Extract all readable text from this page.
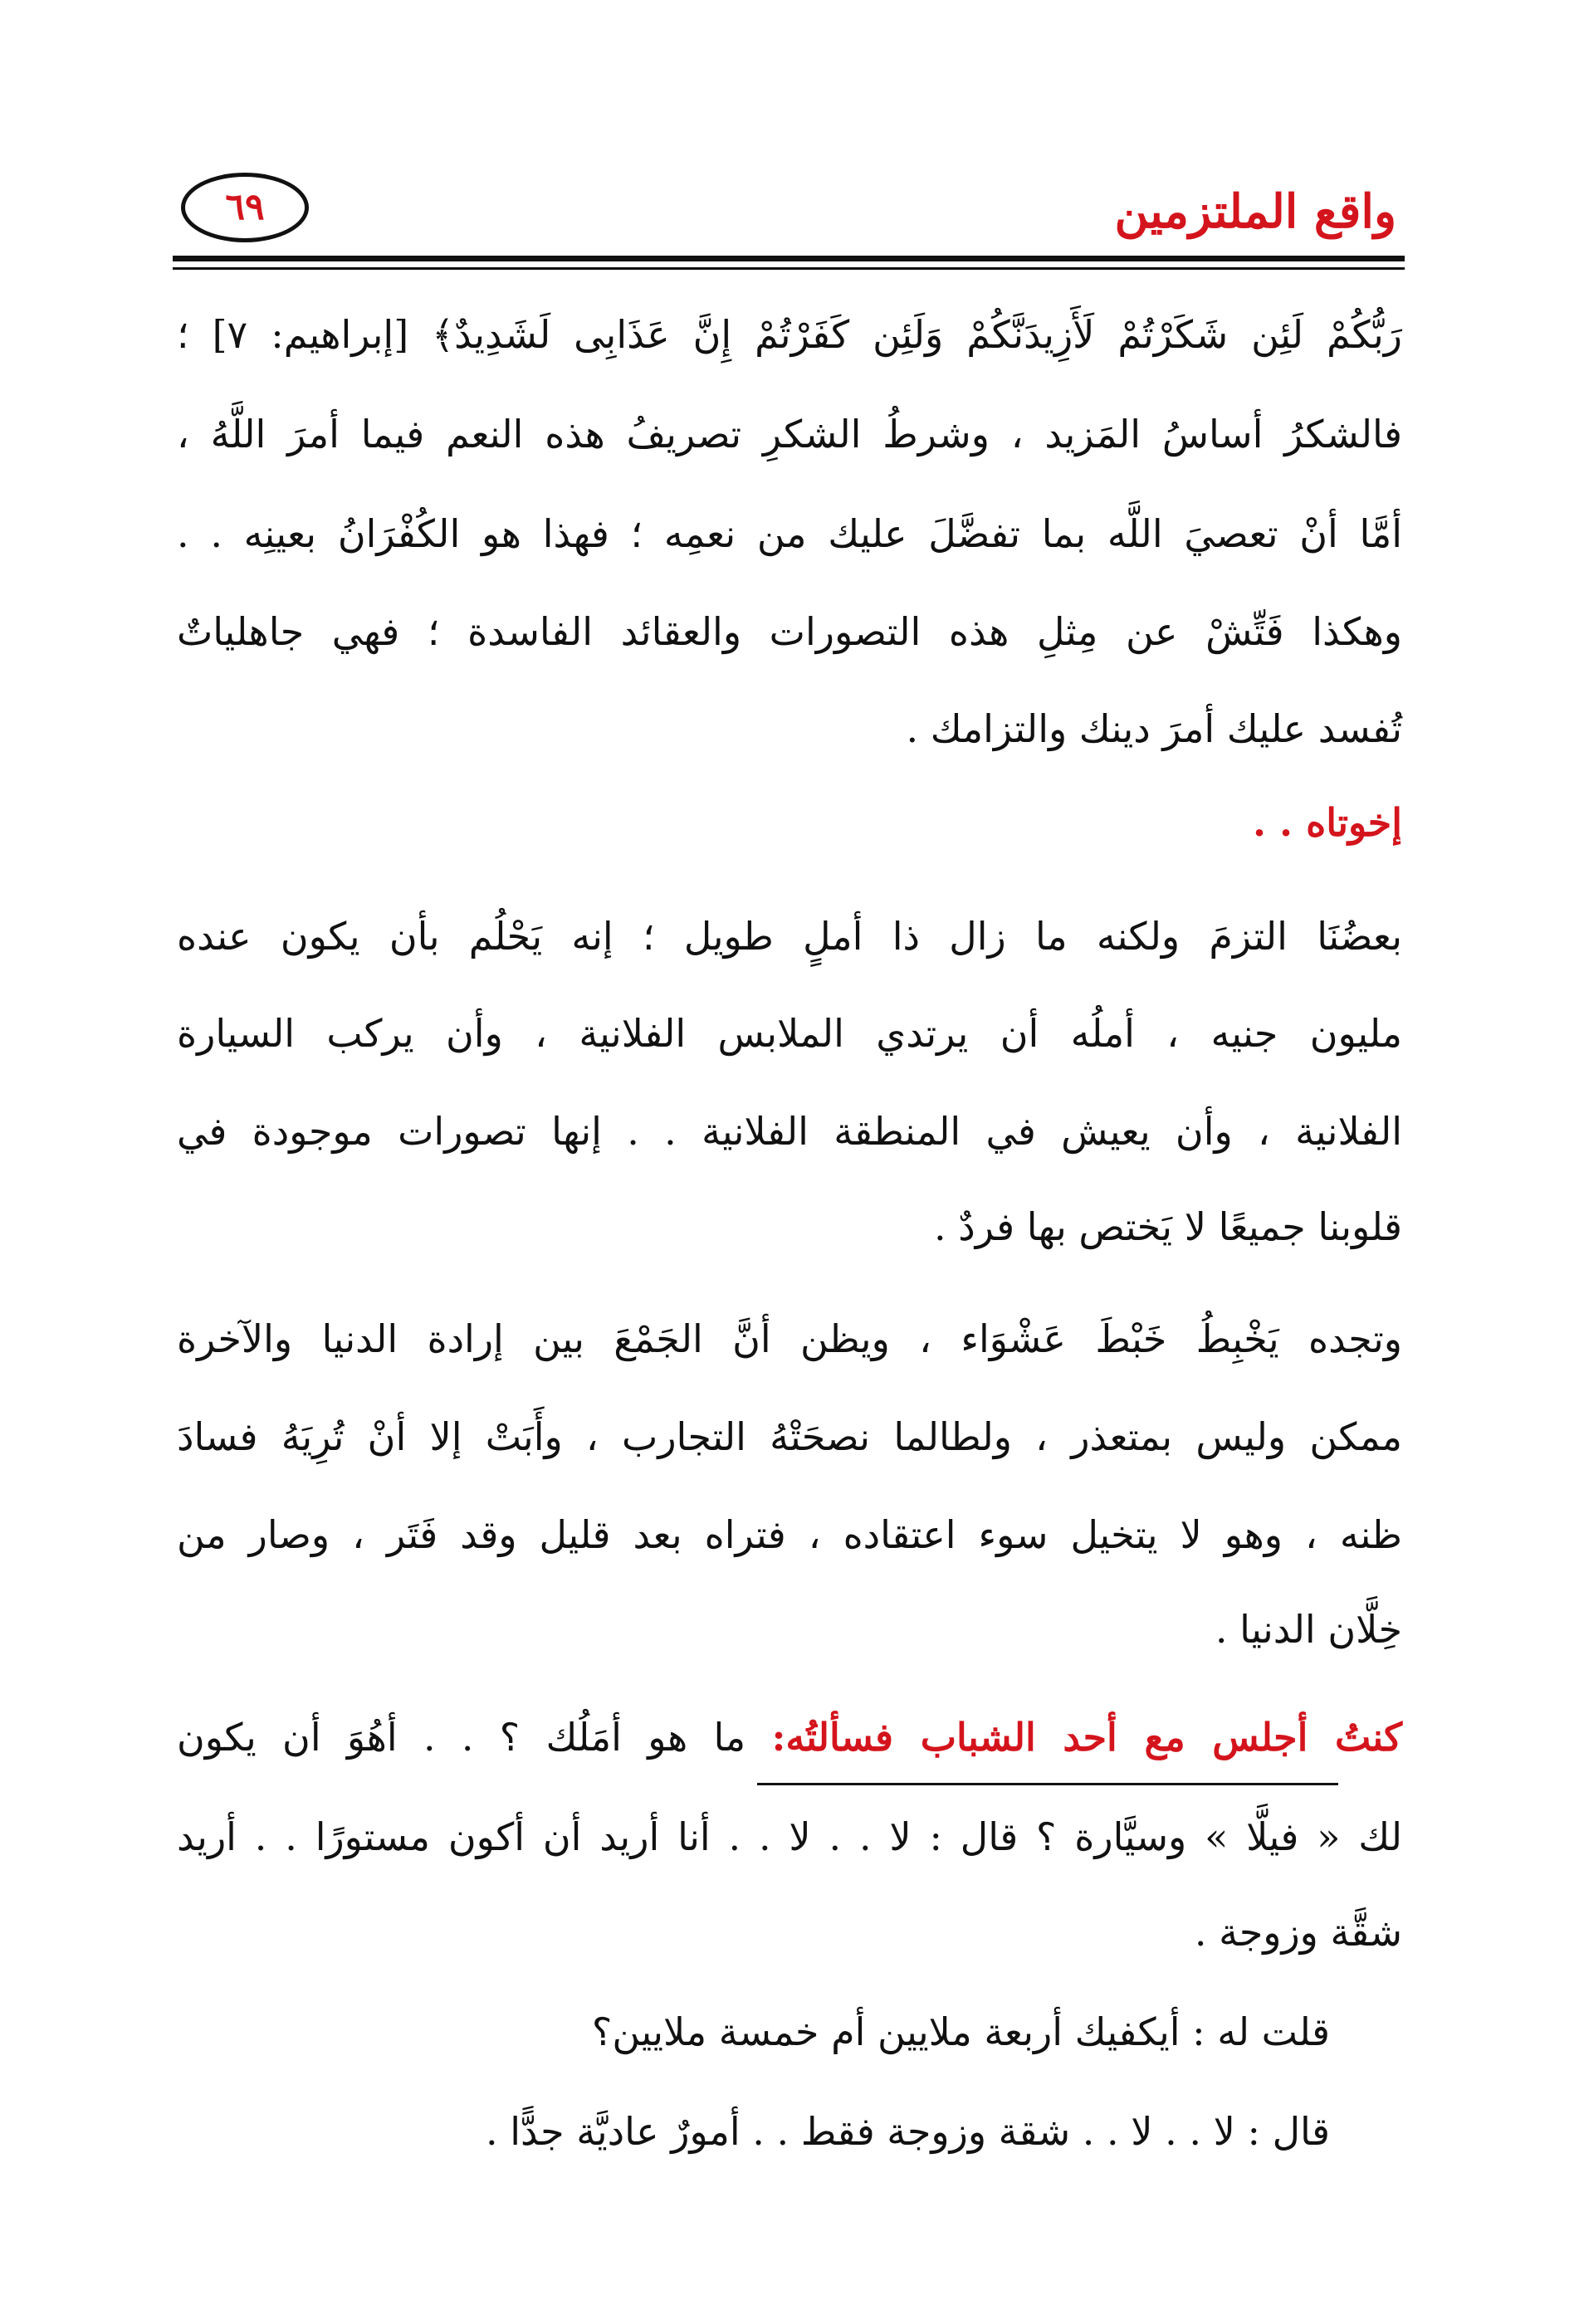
واقع الملتزمين
٦٩
رَبُّكُمْ لَئِن شَكَرْتُمْ لَأَزِيدَنَّكُمْ وَلَئِن كَفَرْتُمْ إِنَّ عَذَابِى لَشَدِيدٌ﴾ [إبراهيم: ٧] ؛
فالشكرُ أساسُ المَزيد ، وشرطُ الشكرِ تصريفُ هذه النعم فيما أمرَ اللَّهُ ،
أمَّا أنْ تعصيَ اللَّه بما تفضَّلَ عليك من نعمِه ؛ فهذا هو الكُفْرَانُ بعينِه . .
وهكذا فَتِّشْ عن مِثلِ هذه التصورات والعقائد الفاسدة ؛ فهي جاهلياتٌ
تُفسد عليك أمرَ دينك والتزامك .
إخوتاه . .
بعضُنَا التزمَ ولكنه ما زال ذا أملٍ طويل ؛ إنه يَحْلُم بأن يكون عنده
مليون جنيه ، أملُه أن يرتدي الملابس الفلانية ، وأن يركب السيارة
الفلانية ، وأن يعيش في المنطقة الفلانية . . إنها تصورات موجودة في
قلوبنا جميعًا لا يَختص بها فردٌ .
وتجده يَخْبِطُ خَبْطَ عَشْوَاء ، ويظن أنَّ الجَمْعَ بين إرادة الدنيا والآخرة
ممكن وليس بمتعذر ، ولطالما نصحَتْهُ التجارب ، وأَبَتْ إلا أنْ تُرِيَهُ فسادَ
ظنه ، وهو لا يتخيل سوء اعتقاده ، فتراه بعد قليل وقد فَتَر ، وصار من
خِلَّان الدنيا .
كنتُ أجلس مع أحد الشباب فسألتُه: ما هو أمَلُك ؟ . . أهُوَ أن يكون
لك « فيلَّا » وسيَّارة ؟ قال : لا . . لا . . أنا أريد أن أكون مستورًا . . أريد
شقَّة وزوجة .
قلت له : أيكفيك أربعة ملايين أم خمسة ملايين؟
قال : لا . . لا . . شقة وزوجة فقط . . أمورٌ عاديَّة جدًّا .
